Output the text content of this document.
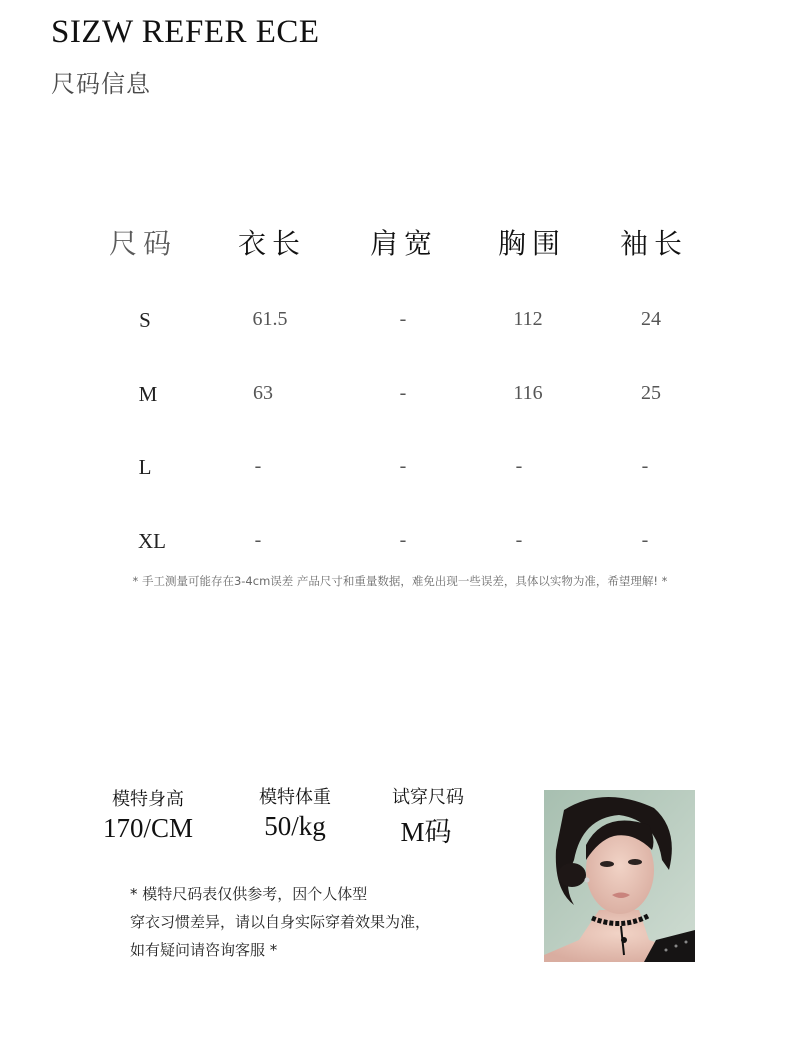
SIZW REFER ECE
尺码信息
尺码 衣长 肩宽 胸围 袖长
S	61.5	-	112	24
M	63	-	116	25
L	-	-	-	-
XL	-	-	-	-
* 手工测量可能存在3-4cm误差 产品尺寸和重量数据，难免出现一些误差，具体以实物为准，希望理解! *
模特身高
170/CM
模特体重
50/kg
试穿尺码
M码
* 模特尺码表仅供参考，因个人体型
穿衣习惯差异，请以自身实际穿着效果为准，
如有疑问请咨询客服 *
